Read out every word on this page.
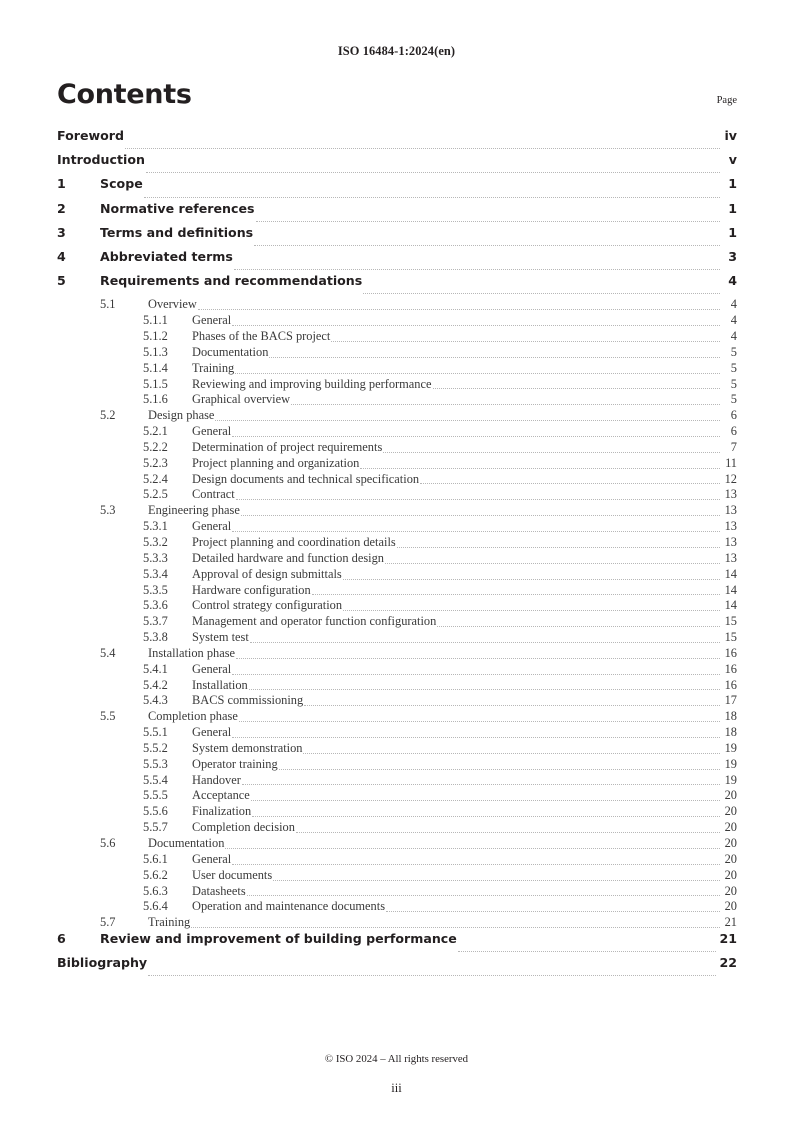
ISO 16484-1:2024(en)
Contents	Page
Foreword	iv
Introduction	v
1	Scope	1
2	Normative references	1
3	Terms and definitions	1
4	Abbreviated terms	3
5	Requirements and recommendations	4
5.1	Overview	4
5.1.1	General	4
5.1.2	Phases of the BACS project	4
5.1.3	Documentation	5
5.1.4	Training	5
5.1.5	Reviewing and improving building performance	5
5.1.6	Graphical overview	5
5.2	Design phase	6
5.2.1	General	6
5.2.2	Determination of project requirements	7
5.2.3	Project planning and organization	11
5.2.4	Design documents and technical specification	12
5.2.5	Contract	13
5.3	Engineering phase	13
5.3.1	General	13
5.3.2	Project planning and coordination details	13
5.3.3	Detailed hardware and function design	13
5.3.4	Approval of design submittals	14
5.3.5	Hardware configuration	14
5.3.6	Control strategy configuration	14
5.3.7	Management and operator function configuration	15
5.3.8	System test	15
5.4	Installation phase	16
5.4.1	General	16
5.4.2	Installation	16
5.4.3	BACS commissioning	17
5.5	Completion phase	18
5.5.1	General	18
5.5.2	System demonstration	19
5.5.3	Operator training	19
5.5.4	Handover	19
5.5.5	Acceptance	20
5.5.6	Finalization	20
5.5.7	Completion decision	20
5.6	Documentation	20
5.6.1	General	20
5.6.2	User documents	20
5.6.3	Datasheets	20
5.6.4	Operation and maintenance documents	20
5.7	Training	21
6	Review and improvement of building performance	21
Bibliography	22
© ISO 2024 – All rights reserved
iii
